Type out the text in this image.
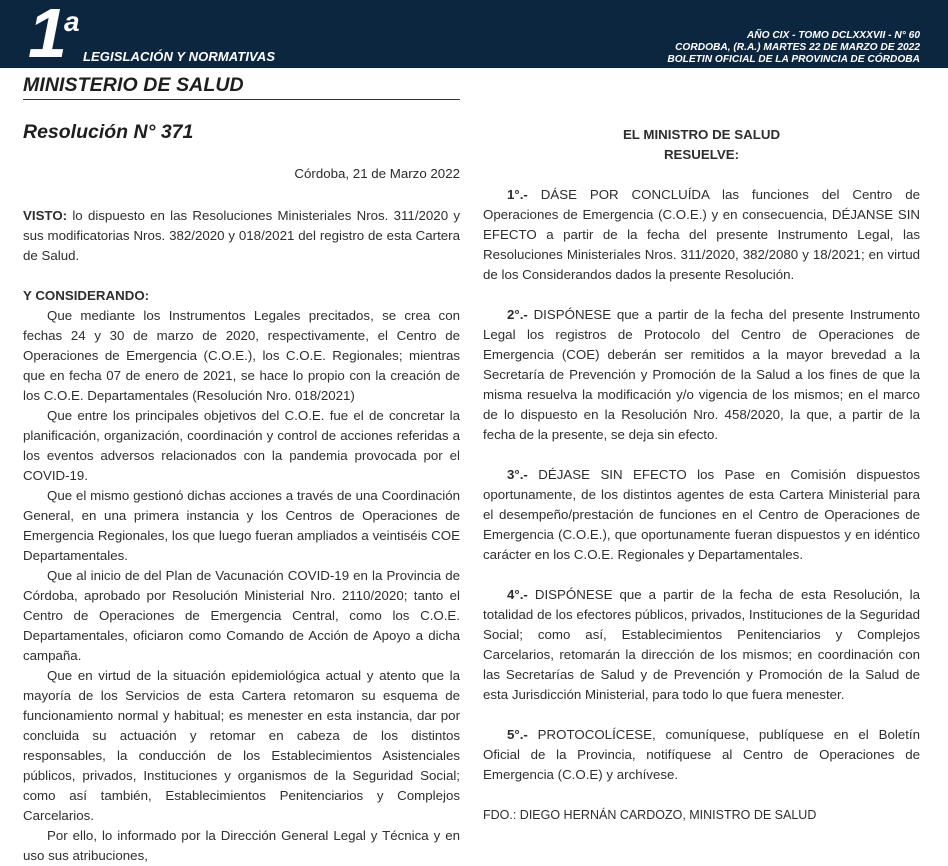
1 a
LEGISLACIÓN Y NORMATIVAS
AÑO CIX - TOMO DCLXXXVII - N° 60
CORDOBA, (R.A.) MARTES 22 DE MARZO DE 2022
BOLETIN OFICIAL DE LA PROVINCIA DE CÓRDOBA
MINISTERIO DE SALUD
Resolución N° 371
Córdoba, 21 de Marzo 2022

VISTO: lo dispuesto en las Resoluciones Ministeriales Nros. 311/2020 y sus modificatorias Nros. 382/2020 y 018/2021 del registro de esta Cartera de Salud.

Y CONSIDERANDO:

Que mediante los Instrumentos Legales precitados, se crea con fechas 24 y 30 de marzo de 2020, respectivamente, el Centro de Operaciones de Emergencia (C.O.E.), los C.O.E. Regionales; mientras que en fecha 07 de enero de 2021, se hace lo propio con la creación de los C.O.E. Departamentales (Resolución Nro. 018/2021)

Que entre los principales objetivos del C.O.E. fue el de concretar la planificación, organización, coordinación y control de acciones referidas a los eventos adversos relacionados con la pandemia provocada por el COVID-19.

Que el mismo gestionó dichas acciones a través de una Coordinación General, en una primera instancia y los Centros de Operaciones de Emergencia Regionales, los que luego fueran ampliados a veintiséis COE Departamentales.

Que al inicio de del Plan de Vacunación COVID-19 en la Provincia de Córdoba, aprobado por Resolución Ministerial Nro. 2110/2020; tanto el Centro de Operaciones de Emergencia Central, como los C.O.E. Departamentales, oficiaron como Comando de Acción de Apoyo a dicha campaña.

Que en virtud de la situación epidemiológica actual y atento que la mayoría de los Servicios de esta Cartera retomaron su esquema de funcionamiento normal y habitual; es menester en esta instancia, dar por concluida su actuación y retomar en cabeza de los distintos responsables, la conducción de los Establecimientos Asistenciales públicos, privados, Instituciones y organismos de la Seguridad Social; como así también, Establecimientos Penitenciarios y Complejos Carcelarios.

Por ello, lo informado por la Dirección General Legal y Técnica y en uso sus atribuciones,

EL MINISTRO DE SALUD

RESUELVE:

1°.- DÁSE POR CONCLUÍDA las funciones del Centro de Operaciones de Emergencia (C.O.E.) y en consecuencia, DÉJANSE SIN EFECTO a partir de la fecha del presente Instrumento Legal, las Resoluciones Ministeriales Nros. 311/2020, 382/2080 y 18/2021; en virtud de los Considerandos dados la presente Resolución.

2°.- DISPÓNESE que a partir de la fecha del presente Instrumento Legal los registros de Protocolo del Centro de Operaciones de Emergencia (COE) deberán ser remitidos a la mayor brevedad a la Secretaría de Prevención y Promoción de la Salud a los fines de que la misma resuelva la modificación y/o vigencia de los mismos; en el marco de lo dispuesto en la Resolución Nro. 458/2020, la que, a partir de la fecha de la presente, se deja sin efecto.

3°.- DÉJASE SIN EFECTO los Pase en Comisión dispuestos oportunamente, de los distintos agentes de esta Cartera Ministerial para el desempeño/prestación de funciones en el Centro de Operaciones de Emergencia (C.O.E.), que oportunamente fueran dispuestos y en idéntico carácter en los C.O.E. Regionales y Departamentales.

4°.- DISPÓNESE que a partir de la fecha de esta Resolución, la totalidad de los efectores públicos, privados, Instituciones de la Seguridad Social; como así, Establecimientos Penitenciarios y Complejos Carcelarios, retomarán la dirección de los mismos; en coordinación con las Secretarías de Salud y de Prevención y Promoción de la Salud de esta Jurisdicción Ministerial, para todo lo que fuera menester.

5°.- PROTOCOLÍCESE, comuníquese, publíquese en el Boletín Oficial de la Provincia, notifíquese al Centro de Operaciones de Emergencia (C.O.E) y archívese.

FDO.: DIEGO HERNÁN CARDOZO, MINISTRO DE SALUD
